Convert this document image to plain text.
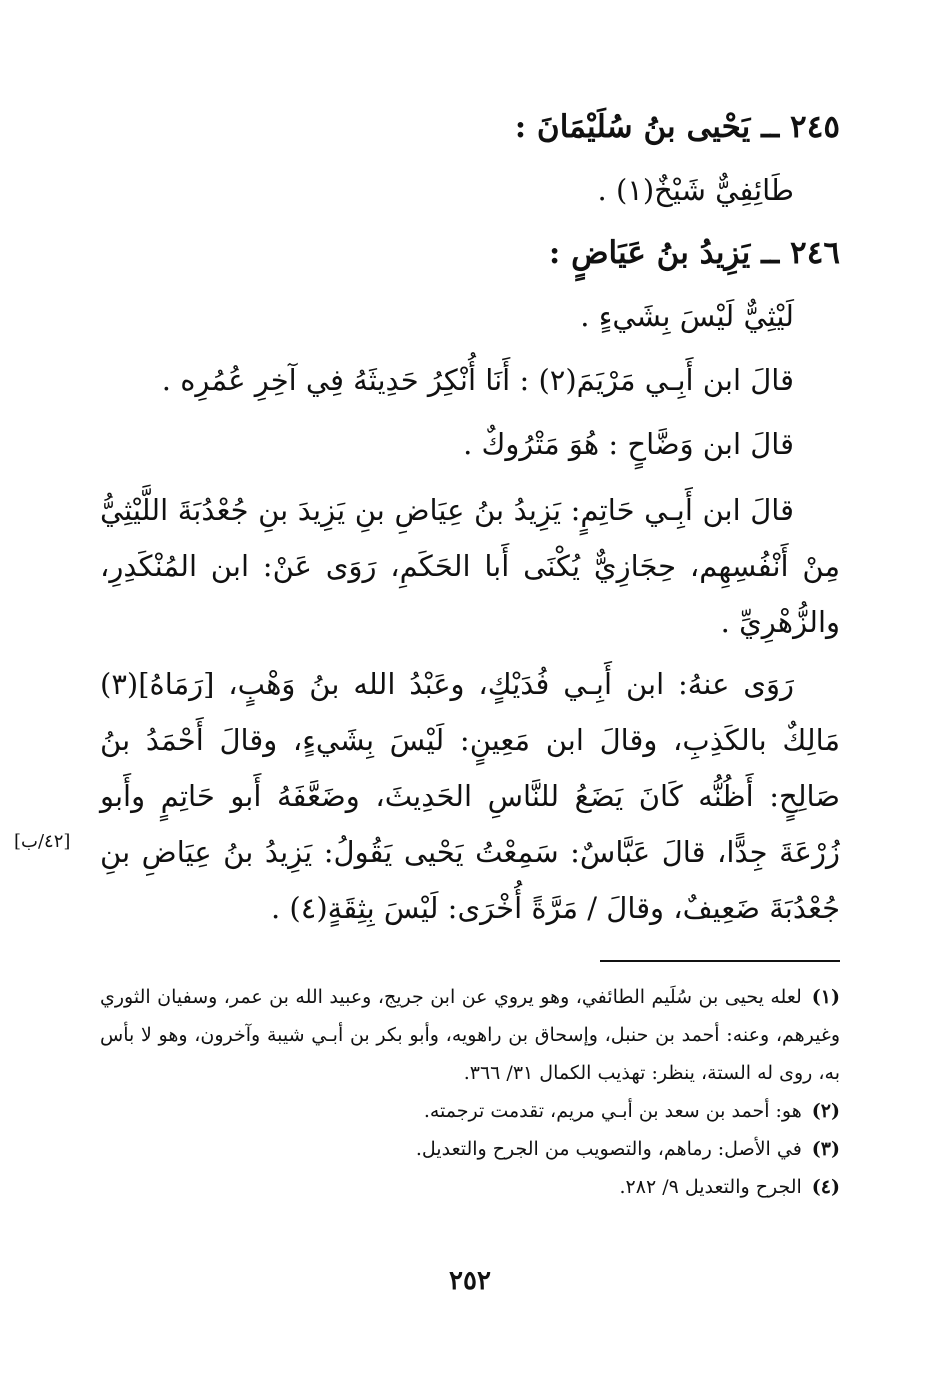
٢٤٥ ــ يَحْيى بنُ سُلَيْمَانَ :

طَائِفِيٌّ شَيْخٌ(١) .

٢٤٦ ــ يَزِيدُ بنُ عَيَاضٍ :

لَيْثِيٌّ لَيْسَ بِشَيءٍ .

قالَ ابن أَبِـي مَرْيَمَ(٢) : أَنَا أُنْكِرُ حَدِيثَهُ فِي آخِرِ عُمُرِه .

قالَ ابن وَضَّاحٍ : هُوَ مَتْرُوكٌ .

قالَ ابن أَبِـي حَاتِمٍ: يَزِيدُ بنُ عِيَاضِ بنِ يَزِيدَ بنِ جُعْدُبَةَ اللَّيْثِيُّ مِنْ أَنْفُسِهِم، حِجَازِيٌّ يُكْنَى أَبا الحَكَمِ، رَوَى عَنْ: ابن المُنْكَدِرِ، والزُّهْرِيِّ .

رَوَى عنهُ: ابن أَبِـي فُدَيْكٍ، وعَبْدُ الله بنُ وَهْبٍ، [رَمَاهُ](٣) مَالِكٌ بالكَذِبِ، وقالَ ابن مَعِينٍ: لَيْسَ بِشَيءٍ، وقالَ أَحْمَدُ بنُ صَالِحٍ: أَظُنُّه كَانَ يَضَعُ للنَّاسِ الحَدِيثَ، وضَعَّفَهُ أَبو حَاتِمٍ وأَبو زُرْعَةَ جِدًّا، قالَ عَبَّاسٌ: سَمِعْتُ يَحْيى يَقُولُ: يَزِيدُ بنُ عِيَاضِ بنِ جُعْدُبَةَ ضَعِيفٌ، وقالَ / مَرَّةً أُخْرَى: لَيْسَ بِثِقَةٍ(٤) .

[٤٢/ب]

(١)لعله يحيى بن سُلَيم الطائفي، وهو يروي عن ابن جريج، وعبيد الله بن عمر، وسفيان الثوري وغيرهم، وعنه: أحمد بن حنبل، وإسحاق بن راهويه، وأبو بكر بن أبـي شيبة وآخرون، وهو لا بأس به، روى له الستة، ينظر: تهذيب الكمال ٣١/ ٣٦٦.

(٢)هو: أحمد بن سعد بن أبـي مريم، تقدمت ترجمته.

(٣)في الأصل: رماهم، والتصويب من الجرح والتعديل.

(٤)الجرح والتعديل ٩/ ٢٨٢.

٢٥٢
